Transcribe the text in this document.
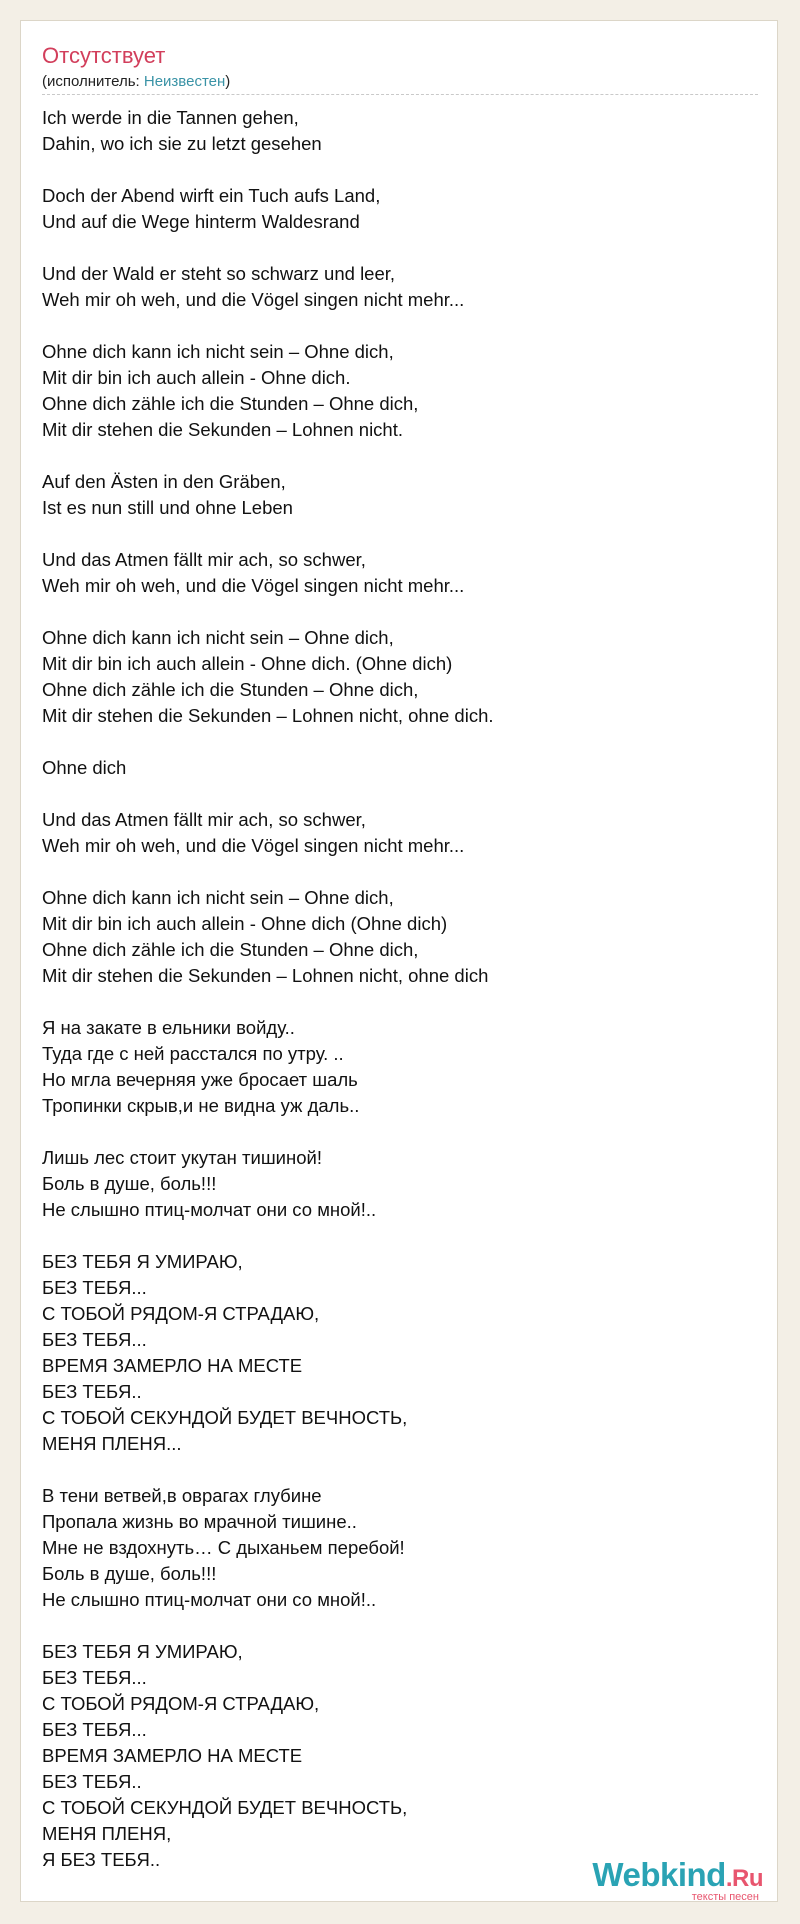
Отсутствует
(исполнитель: Неизвестен)
Ich werde in die Tannen gehen,
Dahin, wo ich sie zu letzt gesehen
Doch der Abend wirft ein Tuch aufs Land,
Und auf die Wege hinterm Waldesrand
Und der Wald er steht so schwarz und leer,
Weh mir oh weh, und die Vögel singen nicht mehr...
Ohne dich kann ich nicht sein – Ohne dich,
Mit dir bin ich auch allein - Ohne dich.
Ohne dich zähle ich die Stunden – Ohne dich,
Mit dir stehen die Sekunden – Lohnen nicht.
Auf den Ästen in den Gräben,
Ist es nun still und ohne Leben
Und das Atmen fällt mir ach, so schwer,
Weh mir oh weh, und die Vögel singen nicht mehr...
Ohne dich kann ich nicht sein – Ohne dich,
Mit dir bin ich auch allein - Ohne dich. (Ohne dich)
Ohne dich zähle ich die Stunden – Ohne dich,
Mit dir stehen die Sekunden – Lohnen nicht, ohne dich.
Ohne dich
Und das Atmen fällt mir ach, so schwer,
Weh mir oh weh, und die Vögel singen nicht mehr...
Ohne dich kann ich nicht sein – Ohne dich,
Mit dir bin ich auch allein - Ohne dich (Ohne dich)
Ohne dich zähle ich die Stunden – Ohne dich,
Mit dir stehen die Sekunden – Lohnen nicht, ohne dich
Я на закате в ельники войду..
Туда где с ней расстался по утру. ..
Но мгла вечерняя уже бросает шаль
Тропинки скрыв,и не видна уж даль..
Лишь лес стоит укутан тишиной!
Боль в душе, боль!!!
Не слышно птиц-молчат они со мной!..
БЕЗ ТЕБЯ Я УМИРАЮ,
БЕЗ ТЕБЯ...
С ТОБОЙ РЯДОМ-Я СТРАДАЮ,
БЕЗ ТЕБЯ...
ВРЕМЯ ЗАМЕРЛО НА МЕСТЕ
БЕЗ ТЕБЯ..
С ТОБОЙ СЕКУНДОЙ БУДЕТ ВЕЧНОСТЬ,
МЕНЯ ПЛЕНЯ...
В тени ветвей,в оврагах глубине
Пропала жизнь во мрачной тишине..
Мне не вздохнуть… С дыханьем перебой!
Боль в душе, боль!!!
Не слышно птиц-молчат они со мной!..
БЕЗ ТЕБЯ Я УМИРАЮ,
БЕЗ ТЕБЯ...
С ТОБОЙ РЯДОМ-Я СТРАДАЮ,
БЕЗ ТЕБЯ...
ВРЕМЯ ЗАМЕРЛО НА МЕСТЕ
БЕЗ ТЕБЯ..
С ТОБОЙ СЕКУНДОЙ БУДЕТ ВЕЧНОСТЬ,
МЕНЯ ПЛЕНЯ,
Я БЕЗ ТЕБЯ..	Webkind.Ru
тексты песен
